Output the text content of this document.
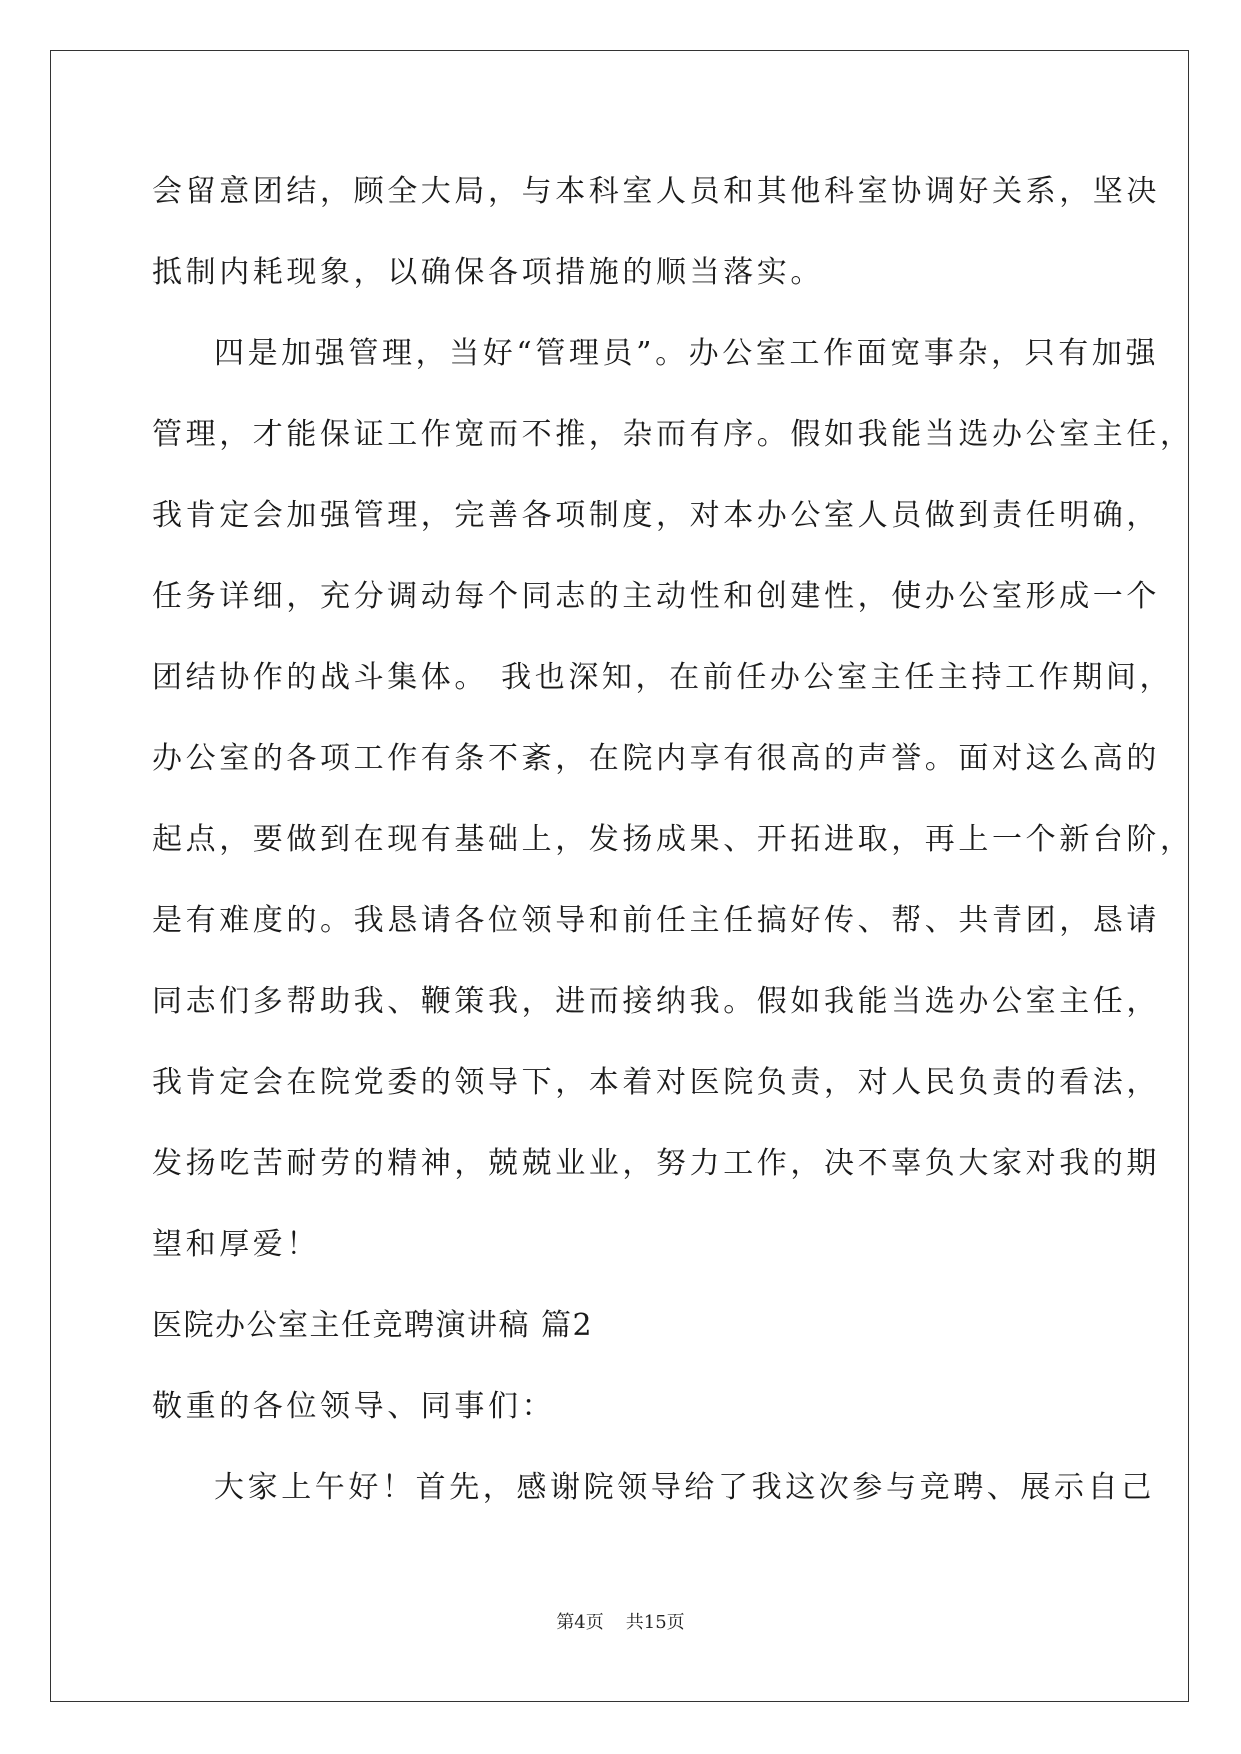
会留意团结，顾全大局，与本科室人员和其他科室协调好关系，坚决
抵制内耗现象，以确保各项措施的顺当落实。
四是加强管理，当好“管理员”。办公室工作面宽事杂，只有加强
管理，才能保证工作宽而不推，杂而有序。假如我能当选办公室主任，
我肯定会加强管理，完善各项制度，对本办公室人员做到责任明确，
任务详细，充分调动每个同志的主动性和创建性，使办公室形成一个
团结协作的战斗集体。 我也深知，在前任办公室主任主持工作期间，
办公室的各项工作有条不紊，在院内享有很高的声誉。面对这么高的
起点，要做到在现有基础上，发扬成果、开拓进取，再上一个新台阶，
是有难度的。我恳请各位领导和前任主任搞好传、帮、共青团，恳请
同志们多帮助我、鞭策我，进而接纳我。假如我能当选办公室主任，
我肯定会在院党委的领导下，本着对医院负责，对人民负责的看法，
发扬吃苦耐劳的精神，兢兢业业，努力工作，决不辜负大家对我的期
望和厚爱！
医院办公室主任竞聘演讲稿 篇2
敬重的各位领导、同事们：
大家上午好！首先，感谢院领导给了我这次参与竞聘、展示自己
第4页 共15页
